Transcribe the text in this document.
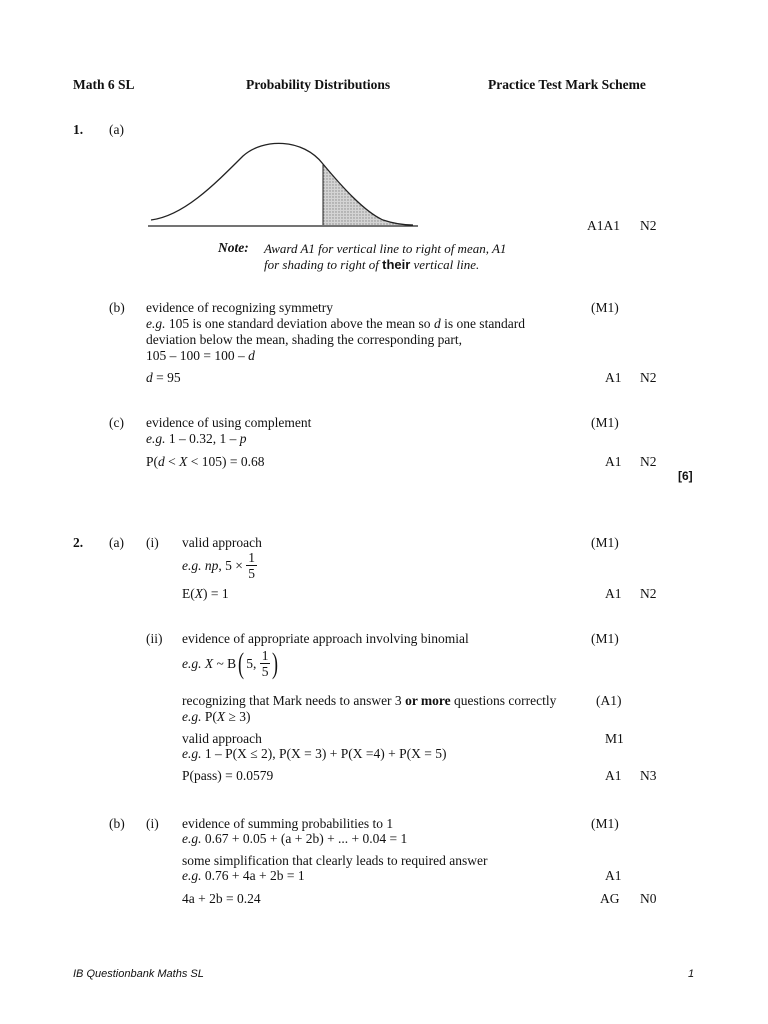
Math 6 SL	Probability Distributions	Practice Test Mark Scheme
1. (a)
A1A1 N2
Note: Award A1 for vertical line to right of mean, A1
for shading to right of their vertical line.
(b) evidence of recognizing symmetry	(M1)
e.g. 105 is one standard deviation above the mean so d is one standard
deviation below the mean, shading the corresponding part,
105 – 100 = 100 – d
d = 95	A1 N2
(c) evidence of using complement	(M1)
e.g. 1 – 0.32, 1 – p
P(d < X < 105) = 0.68	A1 N2
[6]
2. (a) (i) valid approach	(M1)
e.g. np, $5 \times \frac{1}{5}$
E(X) = 1	A1 N2
(ii) evidence of appropriate approach involving binomial	(M1)
e.g. X ~ B( 5, $\frac{1}{5}$ )
recognizing that Mark needs to answer 3 or more questions correctly	(A1)
e.g. P(X ≥ 3)
valid approach	M1
e.g. 1 – P(X ≤ 2), P(X = 3) + P(X =4) + P(X = 5)
P(pass) = 0.0579	A1 N3
(b) (i) evidence of summing probabilities to 1	(M1)
e.g. 0.67 + 0.05 + (a + 2b) + ... + 0.04 = 1
some simplification that clearly leads to required answer
e.g. 0.76 + 4a + 2b = 1	A1
4a + 2b = 0.24	AG N0
IB Questionbank Maths SL	1
